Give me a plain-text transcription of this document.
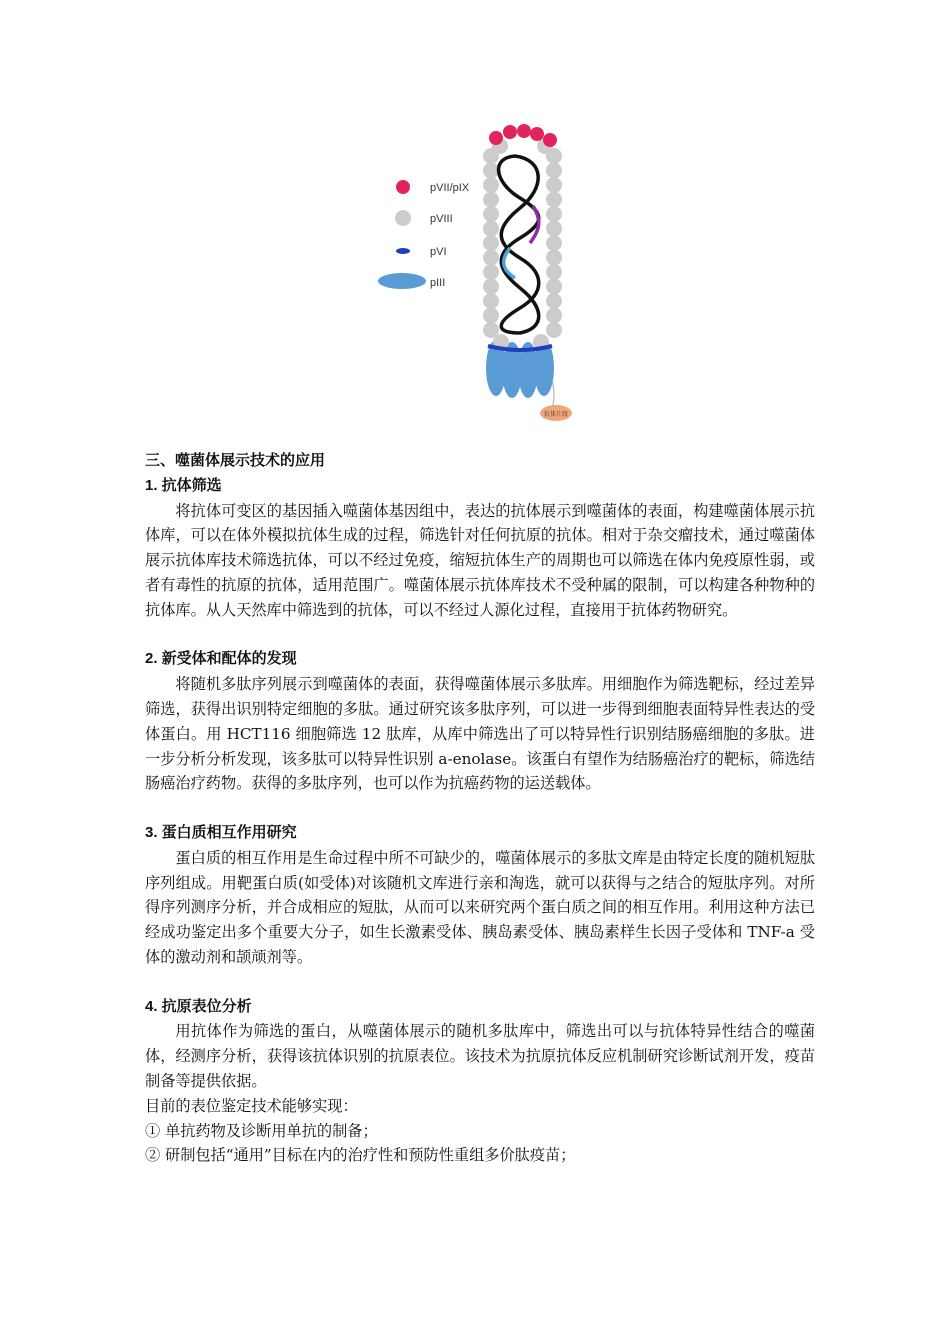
pVII/pIX
pVIII
pVI
pIII
抗体片段

三、噬菌体展示技术的应用

1. 抗体筛选

将抗体可变区的基因插入噬菌体基因组中，表达的抗体展示到噬菌体的表面，构建噬菌体展示抗体库，可以在体外模拟抗体生成的过程，筛选针对任何抗原的抗体。相对于杂交瘤技术，通过噬菌体展示抗体库技术筛选抗体，可以不经过免疫，缩短抗体生产的周期也可以筛选在体内免疫原性弱，或者有毒性的抗原的抗体，适用范围广。噬菌体展示抗体库技术不受种属的限制，可以构建各种物种的抗体库。从人天然库中筛选到的抗体，可以不经过人源化过程，直接用于抗体药物研究。

2. 新受体和配体的发现

将随机多肽序列展示到噬菌体的表面，获得噬菌体展示多肽库。用细胞作为筛选靶标，经过差异筛选，获得出识别特定细胞的多肽。通过研究该多肽序列，可以进一步得到细胞表面特异性表达的受体蛋白。用 HCT116 细胞筛选 12 肽库，从库中筛选出了可以特异性行识别结肠癌细胞的多肽。进一步分析分析发现，该多肽可以特异性识别 a-enolase。该蛋白有望作为结肠癌治疗的靶标，筛选结肠癌治疗药物。获得的多肽序列，也可以作为抗癌药物的运送载体。

3. 蛋白质相互作用研究

蛋白质的相互作用是生命过程中所不可缺少的，噬菌体展示的多肽文库是由特定长度的随机短肽序列组成。用靶蛋白质(如受体)对该随机文库进行亲和淘选，就可以获得与之结合的短肽序列。对所得序列测序分析，并合成相应的短肽，从而可以来研究两个蛋白质之间的相互作用。利用这种方法已经成功鉴定出多个重要大分子，如生长激素受体、胰岛素受体、胰岛素样生长因子受体和 TNF-a 受体的激动剂和颉颃剂等。

4. 抗原表位分析

用抗体作为筛选的蛋白，从噬菌体展示的随机多肽库中，筛选出可以与抗体特异性结合的噬菌体，经测序分析，获得该抗体识别的抗原表位。该技术为抗原抗体反应机制研究诊断试剂开发，疫苗制备等提供依据。

目前的表位鉴定技术能够实现：

① 单抗药物及诊断用单抗的制备；

② 研制包括“通用”目标在内的治疗性和预防性重组多价肽疫苗；
